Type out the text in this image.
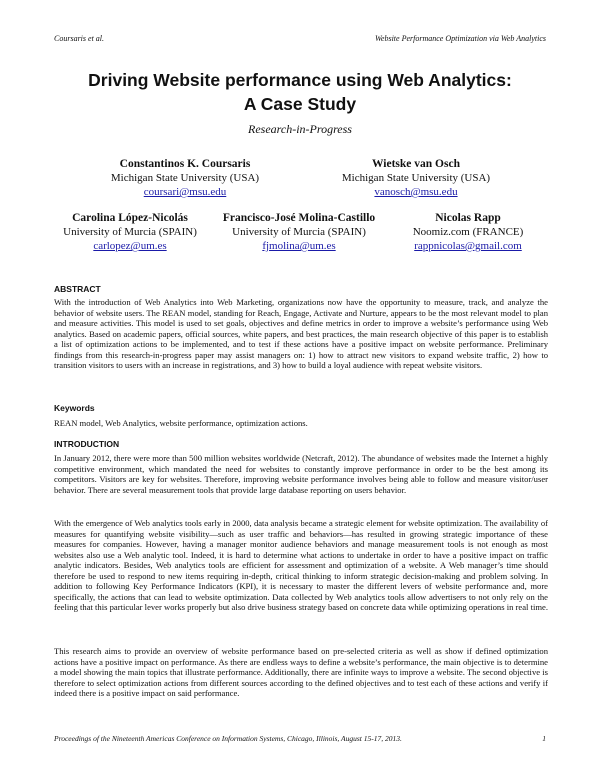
Coursaris et al.	Website Performance Optimization via Web Analytics
Driving Website performance using Web Analytics:
A Case Study
Research-in-Progress
Constantinos K. Coursaris
Michigan State University (USA)
coursari@msu.edu
Wietske van Osch
Michigan State University (USA)
vanosch@msu.edu
Carolina López-Nicolás
University of Murcia (SPAIN)
carlopez@um.es
Francisco-José Molina-Castillo
University of Murcia (SPAIN)
fjmolina@um.es
Nicolas Rapp
Noomiz.com (FRANCE)
rappnicolas@gmail.com
ABSTRACT

With the introduction of Web Analytics into Web Marketing, organizations now have the opportunity to measure, track, and analyze the behavior of website users. The REAN model, standing for Reach, Engage, Activate and Nurture, appears to be the most relevant model to plan and measure activities. This model is used to set goals, objectives and define metrics in order to improve a website’s performance using Web analytics. Based on academic papers, official sources, white papers, and best practices, the main research objective of this paper is to establish a list of optimization actions to be implemented, and to test if these actions have a positive impact on website performance. Preliminary findings from this research-in-progress paper may assist managers on: 1) how to attract new visitors to expand website traffic, 2) how to transition visitors to users with an increase in registrations, and 3) how to build a loyal audience with repeat website visitors.

Keywords

REAN model, Web Analytics, website performance, optimization actions.

INTRODUCTION

In January 2012, there were more than 500 million websites worldwide (Netcraft, 2012). The abundance of websites made the Internet a highly competitive environment, which mandated the need for websites to constantly improve performance in order to be the best among its competitors. Visitors are key for websites. Therefore, improving website performance involves being able to follow and measure visitor/user behavior. There are several measurement tools that provide large database reporting on users behavior.

With the emergence of Web analytics tools early in 2000, data analysis became a strategic element for website optimization. The availability of measures for quantifying website visibility—such as user traffic and behaviors—has resulted in growing strategic importance of these measures for companies. However, having a manager monitor audience behaviors and manage measurement tools is not enough as most websites also use a Web analytic tool. Indeed, it is hard to determine what actions to undertake in order to have a positive impact on traffic analytic indicators. Besides, Web analytics tools are efficient for assessment and optimization of a website. A Web manager’s time should therefore be used to respond to new items requiring in-depth, critical thinking to inform strategic decision-making and problem solving. In addition to following Key Performance Indicators (KPI), it is necessary to master the different levers of website performance and, more specifically, the actions that can lead to website optimization. Data collected by Web analytics tools allow advertisers to not only rely on the feeling that this particular lever works properly but also drive business strategy based on concrete data while optimizing operations in real time.

This research aims to provide an overview of website performance based on pre-selected criteria as well as show if defined optimization actions have a positive impact on performance. As there are endless ways to define a website’s performance, the main objective is to determine a model showing the main topics that illustrate performance. Additionally, there are infinite ways to improve a website. The second objective is therefore to select optimization actions from different sources according to the defined objectives and to test each of these actions and verify if indeed there is a positive impact on said performance.

Proceedings of the Nineteenth Americas Conference on Information Systems, Chicago, Illinois, August 15-17, 2013.	1
